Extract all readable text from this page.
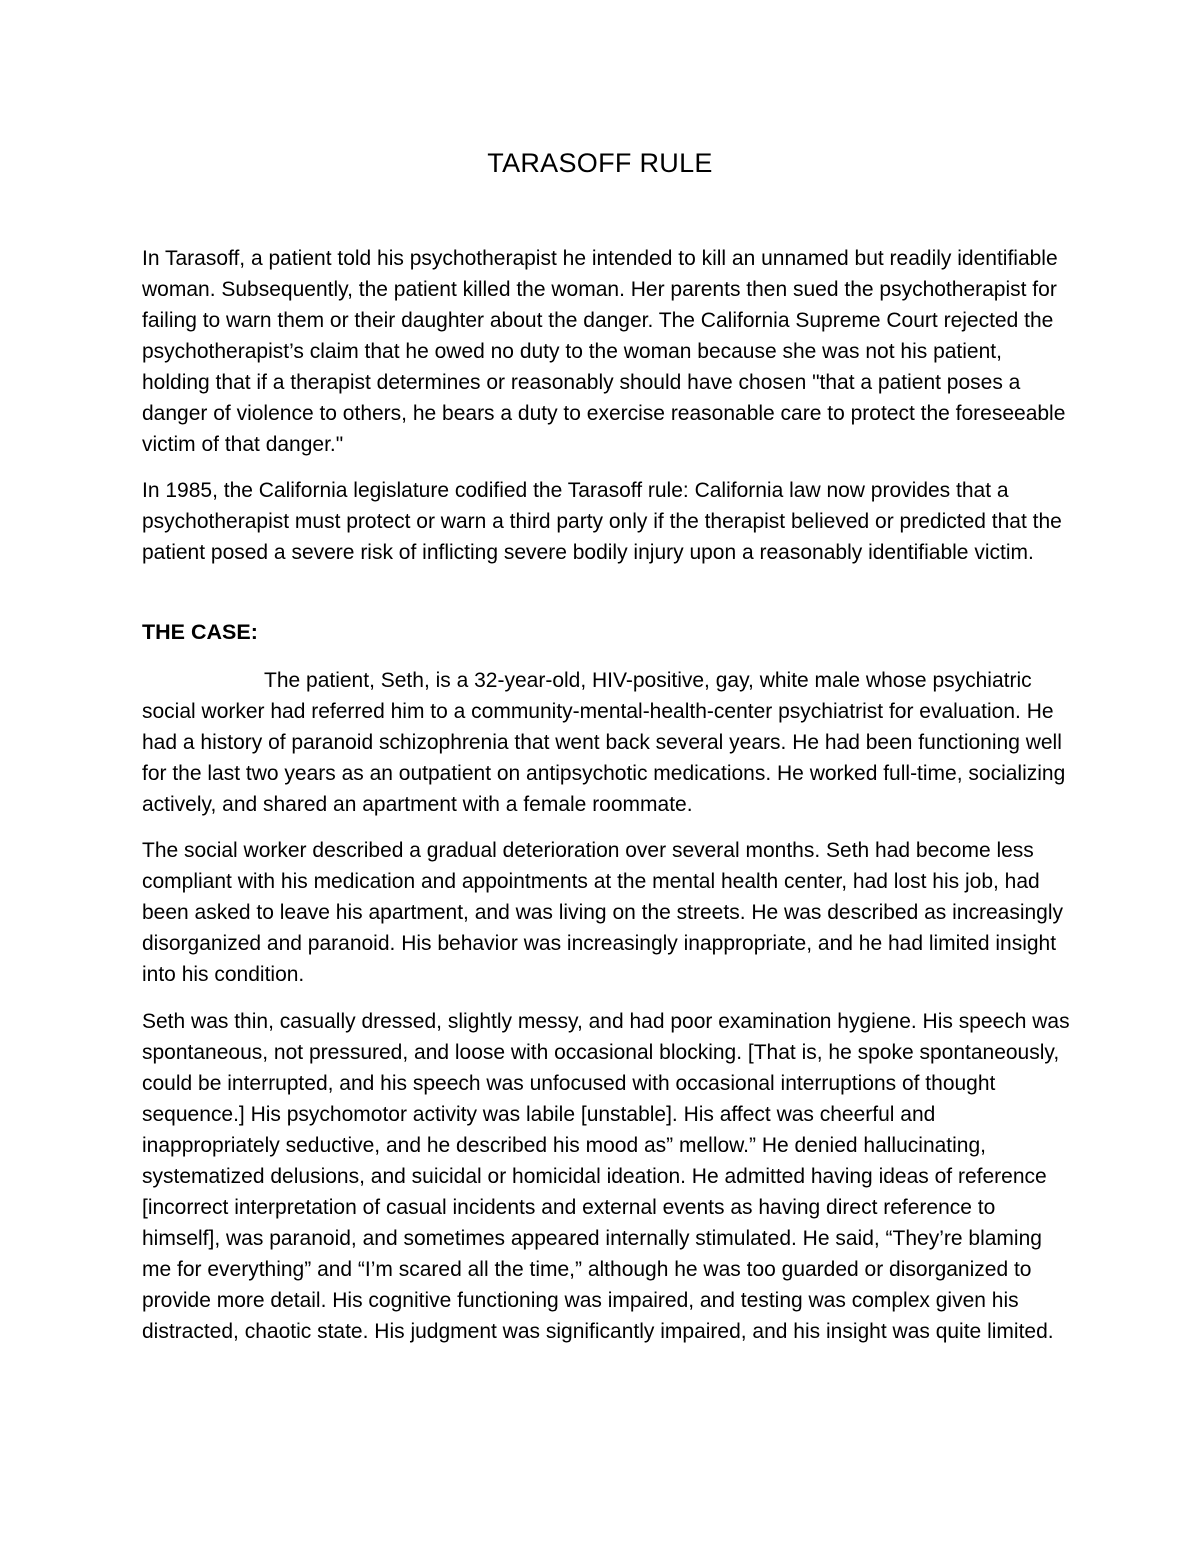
TARASOFF RULE

In Tarasoff, a patient told his psychotherapist he intended to kill an unnamed but readily identifiable woman. Subsequently, the patient killed the woman. Her parents then sued the psychotherapist for failing to warn them or their daughter about the danger. The California Supreme Court rejected the psychotherapist’s claim that he owed no duty to the woman because she was not his patient, holding that if a therapist determines or reasonably should have chosen "that a patient poses a danger of violence to others, he bears a duty to exercise reasonable care to protect the foreseeable victim of that danger."

In 1985, the California legislature codified the Tarasoff rule: California law now provides that a psychotherapist must protect or warn a third party only if the therapist believed or predicted that the patient posed a severe risk of inflicting severe bodily injury upon a reasonably identifiable victim.

THE CASE:

The patient, Seth, is a 32-year-old, HIV-positive, gay, white male whose psychiatric social worker had referred him to a community-mental-health-center psychiatrist for evaluation. He had a history of paranoid schizophrenia that went back several years. He had been functioning well for the last two years as an outpatient on antipsychotic medications. He worked full-time, socializing actively, and shared an apartment with a female roommate.

The social worker described a gradual deterioration over several months. Seth had become less compliant with his medication and appointments at the mental health center, had lost his job, had been asked to leave his apartment, and was living on the streets. He was described as increasingly disorganized and paranoid. His behavior was increasingly inappropriate, and he had limited insight into his condition.

Seth was thin, casually dressed, slightly messy, and had poor examination hygiene. His speech was spontaneous, not pressured, and loose with occasional blocking. [That is, he spoke spontaneously, could be interrupted, and his speech was unfocused with occasional interruptions of thought sequence.] His psychomotor activity was labile [unstable]. His affect was cheerful and inappropriately seductive, and he described his mood as” mellow.” He denied hallucinating, systematized delusions, and suicidal or homicidal ideation. He admitted having ideas of reference [incorrect interpretation of casual incidents and external events as having direct reference to himself], was paranoid, and sometimes appeared internally stimulated. He said, “They’re blaming me for everything” and “I’m scared all the time,” although he was too guarded or disorganized to provide more detail. His cognitive functioning was impaired, and testing was complex given his distracted, chaotic state. His judgment was significantly impaired, and his insight was quite limited.
